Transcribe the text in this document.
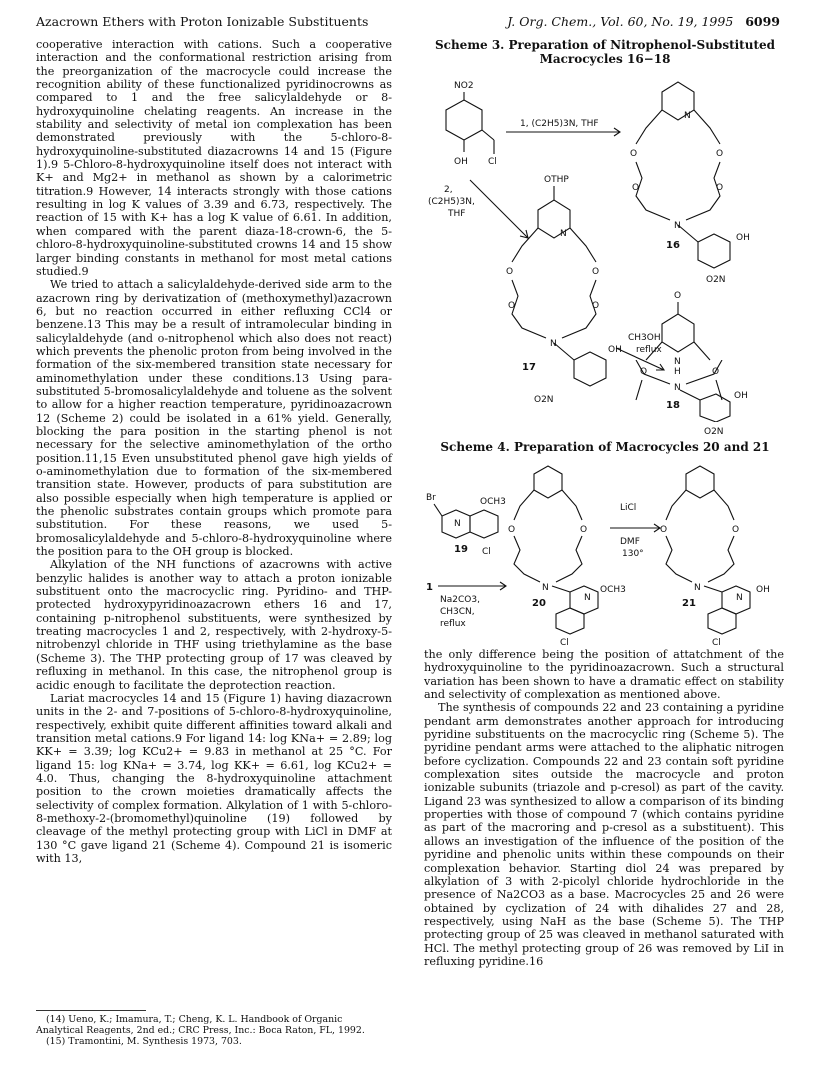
Azacrown Ethers with Proton Ionizable Substituents	J. Org. Chem., Vol. 60, No. 19, 1995 6099

cooperative interaction with cations. Such a cooperative interaction and the conformational restriction arising from the preorganization of the macrocycle could increase the recognition ability of these functionalized pyridinocrowns as compared to 1 and the free salicylaldehyde or 8-hydroxyquinoline chelating reagents. An increase in the stability and selectivity of metal ion complexation has been demonstrated previously with the 5-chloro-8-hydroxyquinoline-substituted diazacrowns 14 and 15 (Figure 1).9 5-Chloro-8-hydroxyquinoline itself does not interact with K+ and Mg2+ in methanol as shown by a calorimetric titration.9 However, 14 interacts strongly with those cations resulting in log K values of 3.39 and 6.73, respectively. The reaction of 15 with K+ has a log K value of 6.61. In addition, when compared with the parent diaza-18-crown-6, the 5-chloro-8-hydroxyquinoline-substituted crowns 14 and 15 show larger binding constants in methanol for most metal cations studied.9

We tried to attach a salicylaldehyde-derived side arm to the azacrown ring by derivatization of (methoxymethyl)azacrown 6, but no reaction occurred in either refluxing CCl4 or benzene.13 This may be a result of intramolecular binding in salicylaldehyde (and o-nitrophenol which also does not react) which prevents the phenolic proton from being involved in the formation of the six-membered transition state necessary for aminomethylation under these conditions.13 Using para-substituted 5-bromosalicylaldehyde and toluene as the solvent to allow for a higher reaction temperature, pyridinoazacrown 12 (Scheme 2) could be isolated in a 61% yield. Generally, blocking the para position in the starting phenol is not necessary for the selective aminomethylation of the ortho position.11,15 Even unsubstituted phenol gave high yields of o-aminomethylation due to formation of the six-membered transition state. However, products of para substitution are also possible especially when high temperature is applied or the phenolic substrates contain groups which promote para substitution. For these reasons, we used 5-bromosalicylaldehyde and 5-chloro-8-hydroxyquinoline where the position para to the OH group is blocked.

Alkylation of the NH functions of azacrowns with active benzylic halides is another way to attach a proton ionizable substituent onto the macrocyclic ring. Pyridino- and THP-protected hydroxypyridinoazacrown ethers 16 and 17, containing p-nitrophenol substituents, were synthesized by treating macrocycles 1 and 2, respectively, with 2-hydroxy-5-nitrobenzyl chloride in THF using triethylamine as the base (Scheme 3). The THP protecting group of 17 was cleaved by refluxing in methanol. In this case, the nitrophenol group is acidic enough to facilitate the deprotection reaction.

Lariat macrocycles 14 and 15 (Figure 1) having diazacrown units in the 2- and 7-positions of 5-chloro-8-hydroxyquinoline, respectively, exhibit quite different affinities toward alkali and transition metal cations.9 For ligand 14: log KNa+ = 2.89; log KK+ = 3.39; log KCu2+ = 9.83 in methanol at 25 °C. For ligand 15: log KNa+ = 3.74, log KK+ = 6.61, log KCu2+ = 4.0. Thus, changing the 8-hydroxyquinoline attachment position to the crown moieties dramatically affects the selectivity of complex formation. Alkylation of 1 with 5-chloro-8-methoxy-2-(bromomethyl)quinoline (19) followed by cleavage of the methyl protecting group with LiCl in DMF at 130 °C gave ligand 21 (Scheme 4). Compound 21 is isomeric with 13,

(14) Ueno, K.; Imamura, T.; Cheng, K. L. Handbook of Organic Analytical Reagents, 2nd ed.; CRC Press, Inc.: Boca Raton, FL, 1992.

(15) Tramontini, M. Synthesis 1973, 703.

Scheme 3. Preparation of Nitrophenol-Substituted Macrocycles 16−18
NO2
OH Cl
1, (C2H5)3N, THF
N
O	O
O	O
N
OH
O2N
16
2,
(C2H5)3N,
THF
OTHP
N
O	O
O	O
N
OH
O2N
17
CH3OH
reflux
O
N
H
O	O
N
OH
18
O2N
Scheme 4. Preparation of Macrocycles 20 and 21
Br
N
OCH3
19 Cl
1
Na2CO3,
CH3CN,
reflux
O	O
N
N
OCH3
20
LiCl
DMF
130°
O	O
N
N
OH
21
Cl	Cl

the only difference being the position of attatchment of the hydroxyquinoline to the pyridinoazacrown. Such a structural variation has been shown to have a dramatic effect on stability and selectivity of complexation as mentioned above.

The synthesis of compounds 22 and 23 containing a pyridine pendant arm demonstrates another approach for introducing pyridine substituents on the macrocyclic ring (Scheme 5). The pyridine pendant arms were attached to the aliphatic nitrogen before cyclization. Compounds 22 and 23 contain soft pyridine complexation sites outside the macrocycle and proton ionizable subunits (triazole and p-cresol) as part of the cavity. Ligand 23 was synthesized to allow a comparison of its binding properties with those of compound 7 (which contains pyridine as part of the macroring and p-cresol as a substituent). This allows an investigation of the influence of the position of the pyridine and phenolic units within these compounds on their complexation behavior. Starting diol 24 was prepared by alkylation of 3 with 2-picolyl chloride hydrochloride in the presence of Na2CO3 as a base. Macrocycles 25 and 26 were obtained by cyclization of 24 with dihalides 27 and 28, respectively, using NaH as the base (Scheme 5). The THP protecting group of 25 was cleaved in methanol saturated with HCl. The methyl protecting group of 26 was removed by LiI in refluxing pyridine.16
